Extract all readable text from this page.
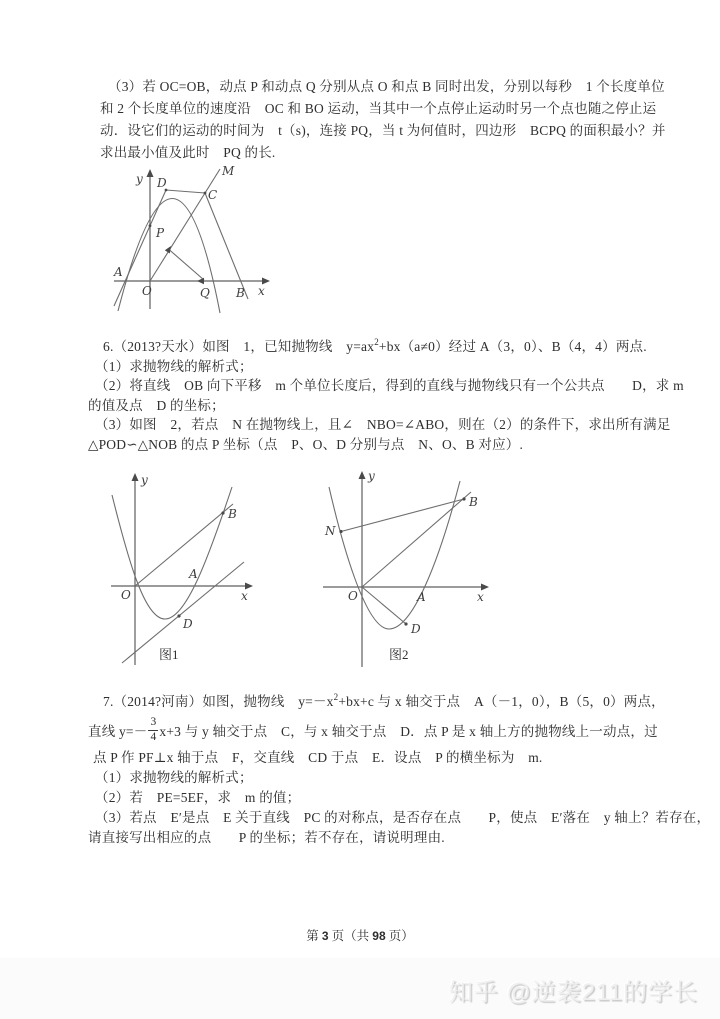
（3）若 OC=OB，动点 P 和动点 Q 分别从点 O 和点 B 同时出发，分别以每秒　1 个长度单位
和 2 个长度单位的速度沿　OC 和 BO 运动，当其中一个点停止运动时另一个点也随之停止运
动．设它们的运动的时间为　t（s)，连接 PQ，当 t 为何值时，四边形　BCPQ 的面积最小？并
求出最小值及此时　PQ 的长.
y
M
D
C
P
A
O	Q B x
6.（2013?天水）如图　1，已知抛物线　$y=ax^2+bx(a\ne 0)$经过 A（3，0）、B（4，4）两点.
（1）求抛物线的解析式；
（2）将直线　OB 向下平移　m 个单位长度后，得到的直线与抛物线只有一个公共点　　D，求 m
的值及点　D 的坐标；
（3）如图　2，若点　N 在抛物线上，且∠　NBO=∠ABO，则在（2）的条件下，求出所有满足
△POD∽△NOB 的点 P 坐标（点　P、O、D 分别与点　N、O、B 对应）.
y
B
A
D
O	x
图1
y
N
B
A
D
O	x
图2
7.（2014?河南）如图，抛物线　$y=-x^2+bx+c$ 与 x 轴交于点　A（－1，0），B（5，0）两点，
直线 $y=- \frac{3}{4} x+3$ 与 y 轴交于点　C，与 x 轴交于点　D．点 P 是 x 轴上方的抛物线上一动点，过
点 P 作 PF⊥x 轴于点　F，交直线　CD 于点　E．设点　P 的横坐标为　m.
（1）求抛物线的解析式；
（2）若　PE=5EF，求　m 的值；
（3）若点　E′是点　E 关于直线　PC 的对称点，是否存在点　　P，使点　E′落在　y 轴上？若存在，
请直接写出相应的点　　P 的坐标；若不存在，请说明理由.
第 3 页（共 98 页）
知乎 @逆袭211的学长
